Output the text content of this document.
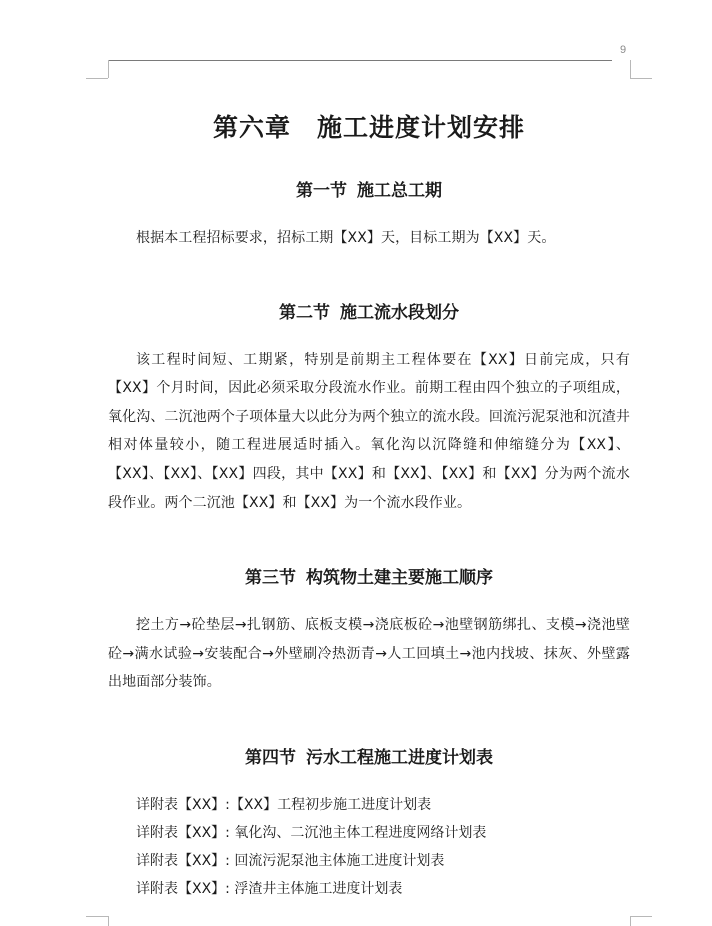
9
第六章 施工进度计划安排
第一节 施工总工期

根据本工程招标要求，招标工期【XX】天，目标工期为【XX】天。

第二节 施工流水段划分

该工程时间短、工期紧，特别是前期主工程体要在【XX】日前完成，只有【XX】个月时间，因此必须采取分段流水作业。前期工程由四个独立的子项组成，氧化沟、二沉池两个子项体量大以此分为两个独立的流水段。回流污泥泵池和沉渣井相对体量较小，随工程进展适时插入。氧化沟以沉降缝和伸缩缝分为【XX】、【XX】、【XX】、【XX】四段，其中【XX】和【XX】、【XX】和【XX】分为两个流水段作业。两个二沉池【XX】和【XX】为一个流水段作业。

第三节 构筑物土建主要施工顺序

挖土方→砼垫层→扎钢筋、底板支模→浇底板砼→池壁钢筋绑扎、支模→浇池壁砼→满水试验→安装配合→外壁刷冷热沥青→人工回填土→池内找坡、抹灰、外壁露出地面部分装饰。

第四节 污水工程施工进度计划表
详附表【XX】:【XX】工程初步施工进度计划表
详附表【XX】: 氧化沟、二沉池主体工程进度网络计划表
详附表【XX】: 回流污泥泵池主体施工进度计划表
详附表【XX】: 浮渣井主体施工进度计划表
